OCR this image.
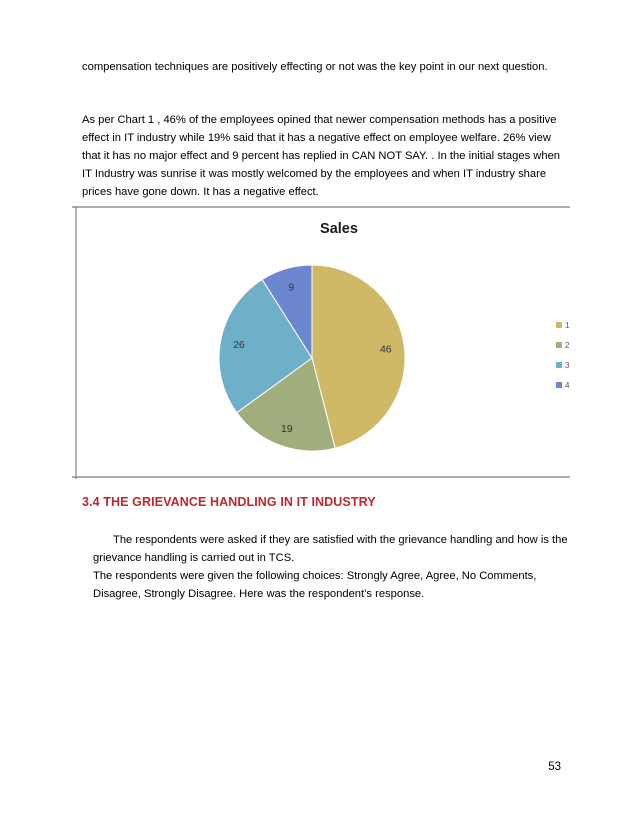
compensation techniques are positively effecting or not was the key point in our next question.

As per Chart 1 , 46% of the employees opined that newer compensation methods has a positive effect in IT industry while 19% said that it has a negative effect on employee welfare. 26% view that it has no major effect and 9 percent has replied in CAN NOT SAY. . In the initial stages when IT Industry was sunrise it was mostly welcomed by the employees and when IT industry share prices have gone down. It has a negative effect.

Sales
46
19
26
9
1
2
3
4
3.4 THE GRIEVANCE HANDLING IN IT INDUSTRY

The respondents were asked if they are satisfied with the grievance handling and how is the grievance handling is carried out in TCS.
The respondents were given the following choices: Strongly Agree, Agree, No Comments, Disagree, Strongly Disagree. Here was the respondent’s response.

53
